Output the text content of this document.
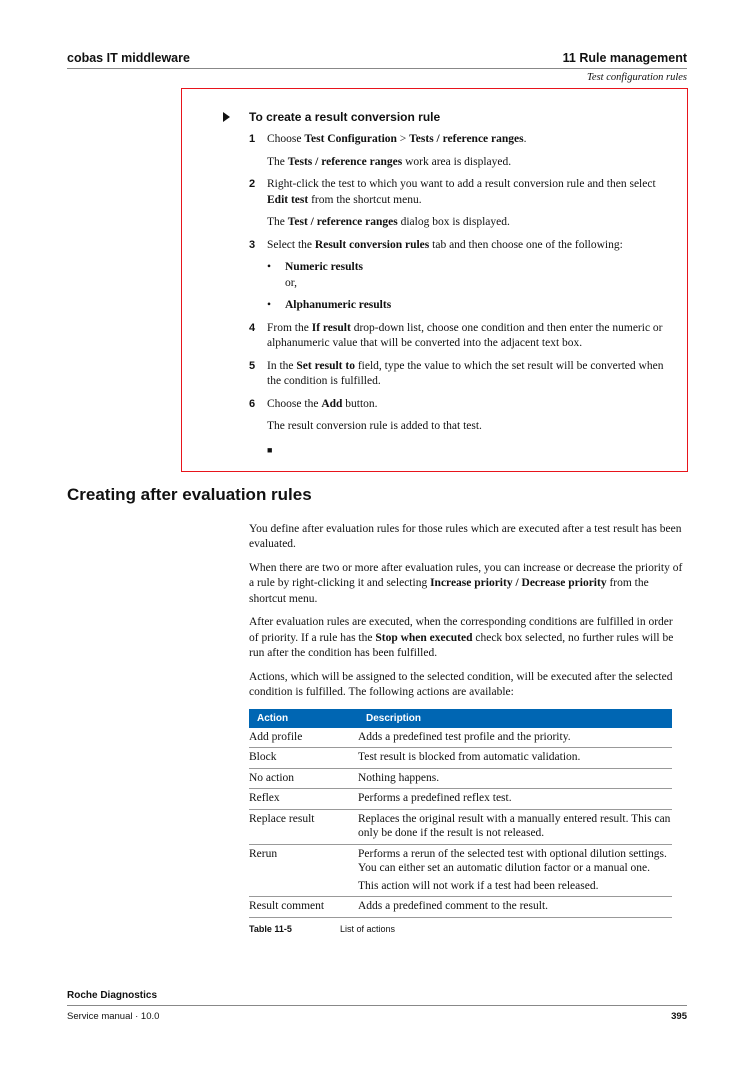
cobas IT middleware	11 Rule management
Test configuration rules
To create a result conversion rule
1	Choose Test Configuration > Tests / reference ranges.

The Tests / reference ranges work area is displayed.

2	Right-click the test to which you want to add a result conversion rule and then select Edit test from the shortcut menu.

The Test / reference ranges dialog box is displayed.

3	Select the Result conversion rules tab and then choose one of the following:

•	Numeric results
or,
•	Alphanumeric results
4	From the If result drop-down list, choose one condition and then enter the numeric or alphanumeric value that will be converted into the adjacent text box.

5	In the Set result to field, type the value to which the set result will be converted when the condition is fulfilled.

6	Choose the Add button.

The result conversion rule is added to that test.

■
Creating after evaluation rules
You define after evaluation rules for those rules which are executed after a test result has been evaluated.
When there are two or more after evaluation rules, you can increase or decrease the priority of a rule by right-clicking it and selecting Increase priority / Decrease priority from the shortcut menu.
After evaluation rules are executed, when the corresponding conditions are fulfilled in order of priority. If a rule has the Stop when executed check box selected, no further rules will be run after the condition has been fulfilled.
Actions, which will be assigned to the selected condition, will be executed after the selected condition is fulfilled. The following actions are available:
Action	Description
Add profile	Adds a predefined test profile and the priority.

Block	Test result is blocked from automatic validation.

No action	Nothing happens.

Reflex	Performs a predefined reflex test.

Replace result	Replaces the original result with a manually entered result. This can only be done if the result is not released.

Rerun	Performs a rerun of the selected test with optional dilution settings. You can either set an automatic dilution factor or a manual one.

This action will not work if a test had been released.

Result comment	Adds a predefined comment to the result.

Table 11-5	List of actions
Roche Diagnostics
Service manual · 10.0	395
